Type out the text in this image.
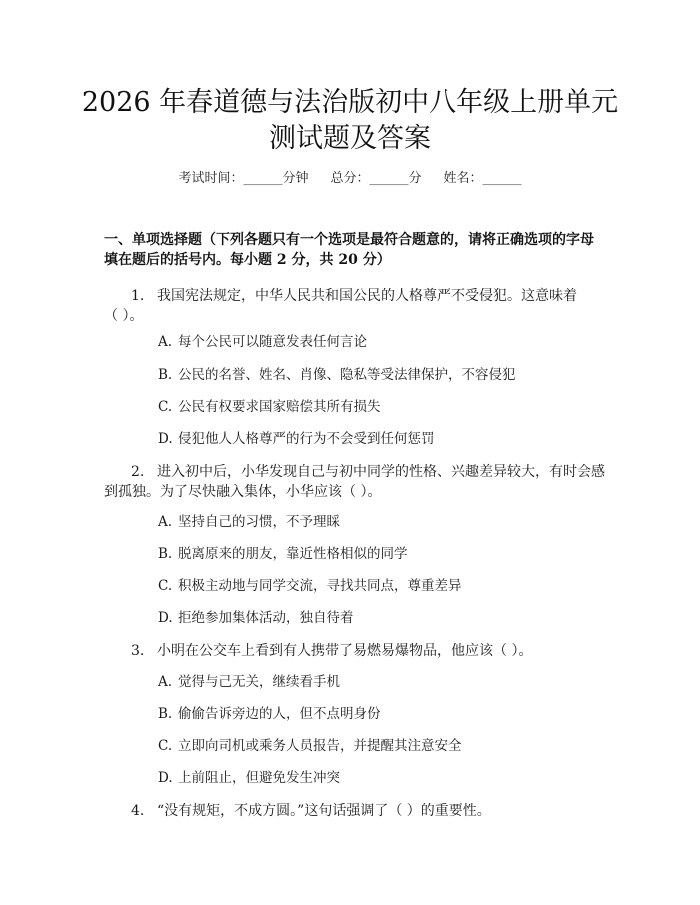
2026 年春道德与法治版初中八年级上册单元
测试题及答案
考试时间：______分钟 总分：______分 姓名：______
一、单项选择题（下列各题只有一个选项是最符合题意的，请将正确选项的字母
填在题后的括号内。每小题 2 分，共 20 分）
1. 我国宪法规定，中华人民共和国公民的人格尊严不受侵犯。这意味着
（ ）。
A. 每个公民可以随意发表任何言论
B. 公民的名誉、姓名、肖像、隐私等受法律保护，不容侵犯
C. 公民有权要求国家赔偿其所有损失
D. 侵犯他人人格尊严的行为不会受到任何惩罚
2. 进入初中后，小华发现自己与初中同学的性格、兴趣差异较大，有时会感
到孤独。为了尽快融入集体，小华应该（ ）。
A. 坚持自己的习惯，不予理睬
B. 脱离原来的朋友，靠近性格相似的同学
C. 积极主动地与同学交流，寻找共同点，尊重差异
D. 拒绝参加集体活动，独自待着
3. 小明在公交车上看到有人携带了易燃易爆物品，他应该（ ）。
A. 觉得与己无关，继续看手机
B. 偷偷告诉旁边的人，但不点明身份
C. 立即向司机或乘务人员报告，并提醒其注意安全
D. 上前阻止，但避免发生冲突
4. “没有规矩，不成方圆。”这句话强调了（ ）的重要性。
